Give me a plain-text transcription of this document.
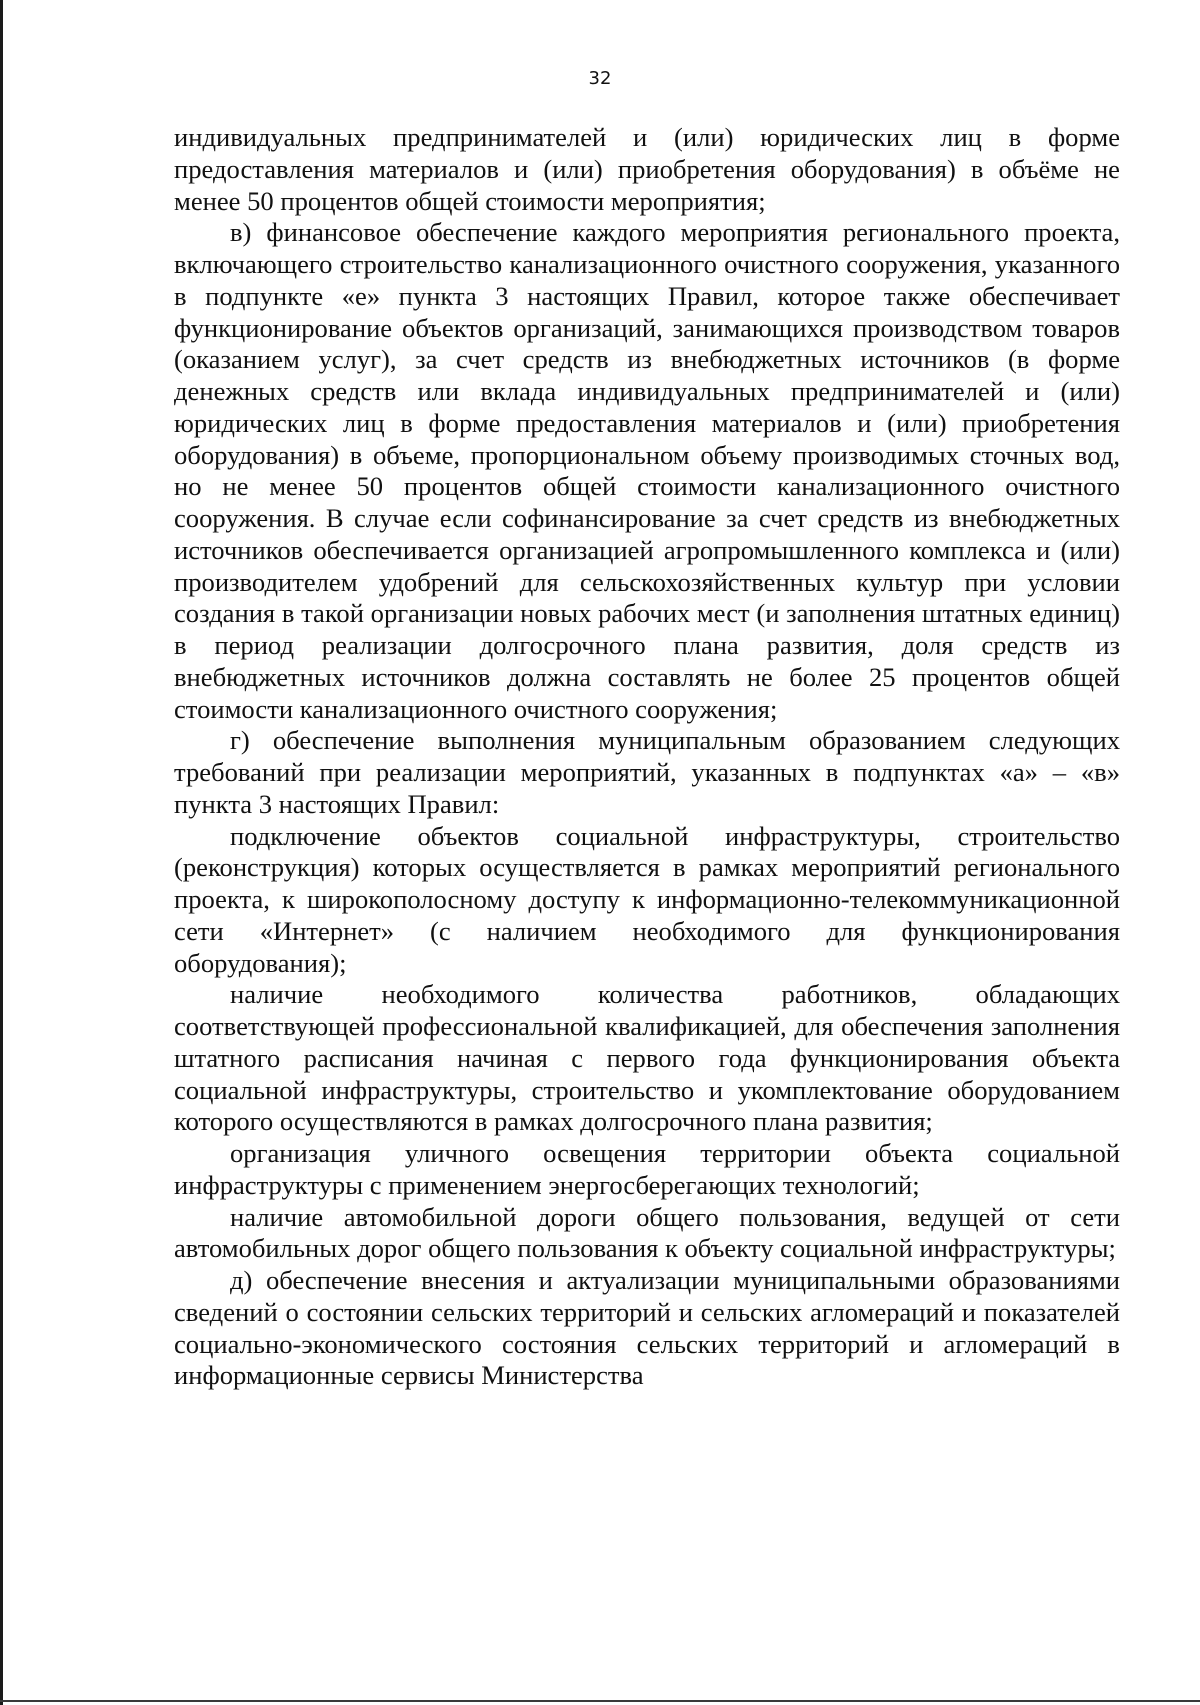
32

индивидуальных предпринимателей и (или) юридических лиц в форме предоставления материалов и (или) приобретения оборудования) в объёме не менее 50 процентов общей стоимости мероприятия;

в) финансовое обеспечение каждого мероприятия регионального проекта, включающего строительство канализационного очистного сооружения, указанного в подпункте «е» пункта 3 настоящих Правил, которое также обеспечивает функционирование объектов организаций, занимающихся производством товаров (оказанием услуг), за счет средств из внебюджетных источников (в форме денежных средств или вклада индивидуальных предпринимателей и (или) юридических лиц в форме предоставления материалов и (или) приобретения оборудования) в объеме, пропорциональном объему производимых сточных вод, но не менее 50 процентов общей стоимости канализационного очистного сооружения. В случае если софинансирование за счет средств из внебюджетных источников обеспечивается организацией агропромышленного комплекса и (или) производителем удобрений для сельскохозяйственных культур при условии создания в такой организации новых рабочих мест (и заполнения штатных единиц) в период реализации долгосрочного плана развития, доля средств из внебюджетных источников должна составлять не более 25 процентов общей стоимости канализационного очистного сооружения;

г) обеспечение выполнения муниципальным образованием следующих требований при реализации мероприятий, указанных в подпунктах «а» – «в» пункта 3 настоящих Правил:

подключение объектов социальной инфраструктуры, строительство (реконструкция) которых осуществляется в рамках мероприятий регионального проекта, к широкополосному доступу к информационно-телекоммуникационной сети «Интернет» (с наличием необходимого для функционирования оборудования);

наличие необходимого количества работников, обладающих соответствующей профессиональной квалификацией, для обеспечения заполнения штатного расписания начиная с первого года функционирования объекта социальной инфраструктуры, строительство и укомплектование оборудованием которого осуществляются в рамках долгосрочного плана развития;

организация уличного освещения территории объекта социальной инфраструктуры с применением энергосберегающих технологий;

наличие автомобильной дороги общего пользования, ведущей от сети автомобильных дорог общего пользования к объекту социальной инфраструктуры;

д) обеспечение внесения и актуализации муниципальными образованиями сведений о состоянии сельских территорий и сельских агломераций и показателей социально-экономического состояния сельских территорий и агломераций в информационные сервисы Министерства
